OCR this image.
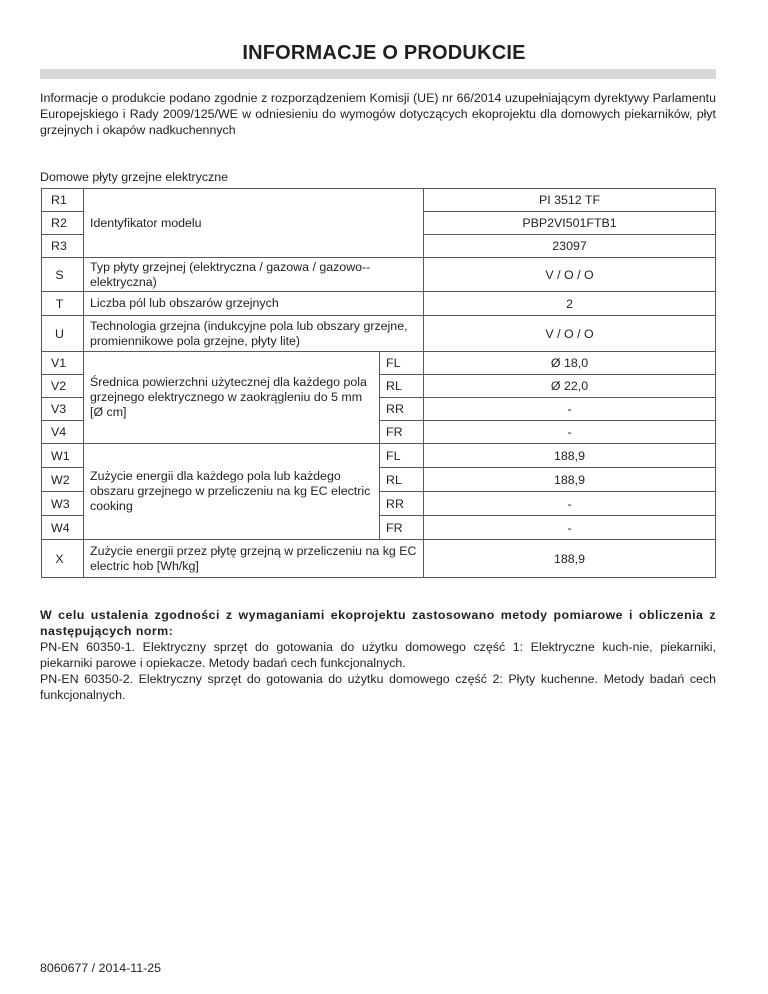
INFORMACJE O PRODUKCIE
Informacje o produkcie podano zgodnie z rozporządzeniem Komisji (UE) nr 66/2014 uzupełniającym dyrektywy Parlamentu Europejskiego i Rady 2009/125/WE w odniesieniu do wymogów dotyczących ekoprojektu dla domowych piekarników, płyt grzejnych i okapów nadkuchennych
Domowe płyty grzejne elektryczne
R1	Identyfikator modelu		PI 3512 TF
R2			PBP2VI501FTB1
R3			23097
S	Typ płyty grzejnej (elektryczna / gazowa / gazowo--elektryczna)		V / O / O
T	Liczba pól lub obszarów grzejnych		2
U	Technologia grzejna (indukcyjne pola lub obszary grzejne, promiennikowe pola grzejne, płyty lite)		V / O / O
V1	Średnica powierzchni użytecznej dla każdego pola grzejnego elektrycznego w zaokrągleniu do 5 mm [Ø cm]	FL	Ø 18,0
V2		RL	Ø 22,0
V3		RR	-
V4		FR	-
W1	Zużycie energii dla każdego pola lub każdego obszaru grzejnego w przeliczeniu na kg EC electric cooking	FL	188,9
W2		RL	188,9
W3		RR	-
W4		FR	-
X	Zużycie energii przez płytę grzejną w przeliczeniu na kg EC electric hob [Wh/kg]		188,9

W celu ustalenia zgodności z wymaganiami ekoprojektu zastosowano metody pomiarowe i obliczenia z następujących norm:

PN-EN 60350-1. Elektryczny sprzęt do gotowania do użytku domowego część 1: Elektryczne kuch-nie, piekarniki, piekarniki parowe i opiekacze. Metody badań cech funkcjonalnych.

PN-EN 60350-2. Elektryczny sprzęt do gotowania do użytku domowego część 2: Płyty kuchenne. Metody badań cech funkcjonalnych.

8060677 / 2014-11-25
